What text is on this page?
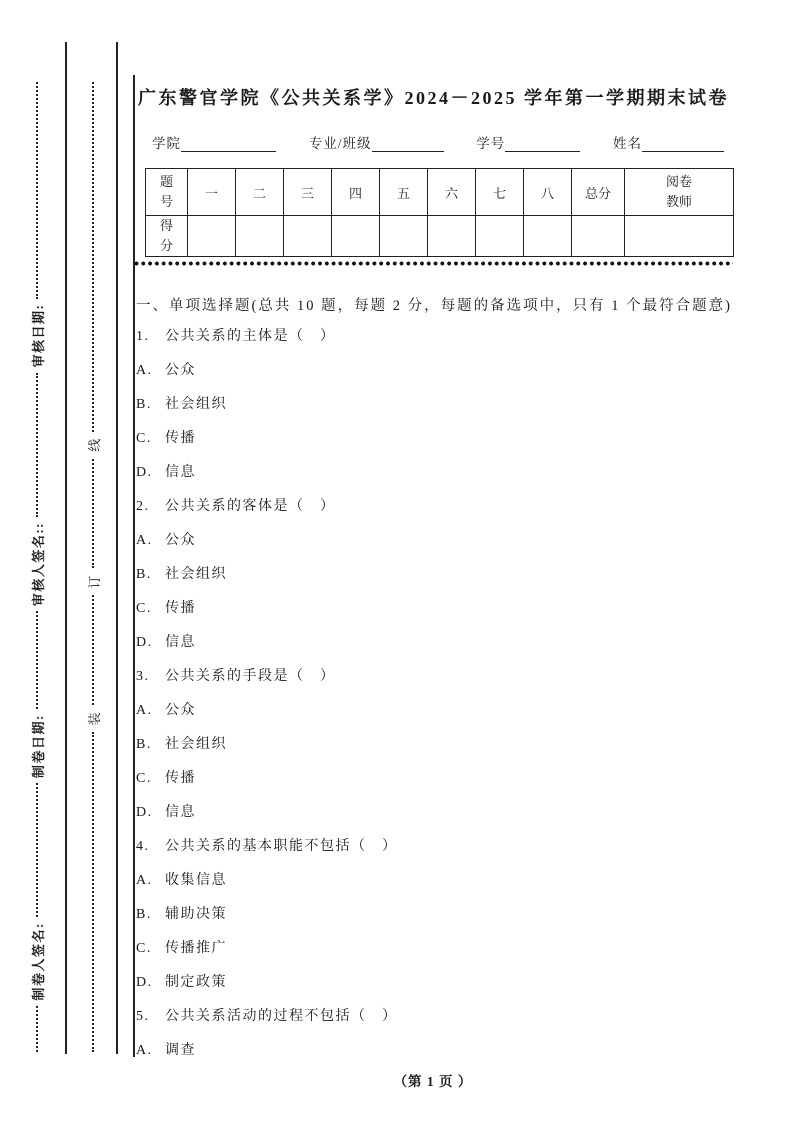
制卷人签名:
制卷日期:
审核人签名::
审核日期:
装
订
线
广东警官学院《公共关系学》2024－2025 学年第一学期期末试卷
学院	专业/班级	学号	姓名
题号	一	二	三	四	五	六	七	八	总分	阅卷教师
得分										
一、单项选择题(总共 10 题，每题 2 分，每题的备选项中，只有 1 个最符合题意)
1. 公共关系的主体是（　）
A. 公众
B. 社会组织
C. 传播
D. 信息
2. 公共关系的客体是（　）
A. 公众
B. 社会组织
C. 传播
D. 信息
3. 公共关系的手段是（　）
A. 公众
B. 社会组织
C. 传播
D. 信息
4. 公共关系的基本职能不包括（　）
A. 收集信息
B. 辅助决策
C. 传播推广
D. 制定政策
5. 公共关系活动的过程不包括（　）
A. 调查
（第 1 页 ）
